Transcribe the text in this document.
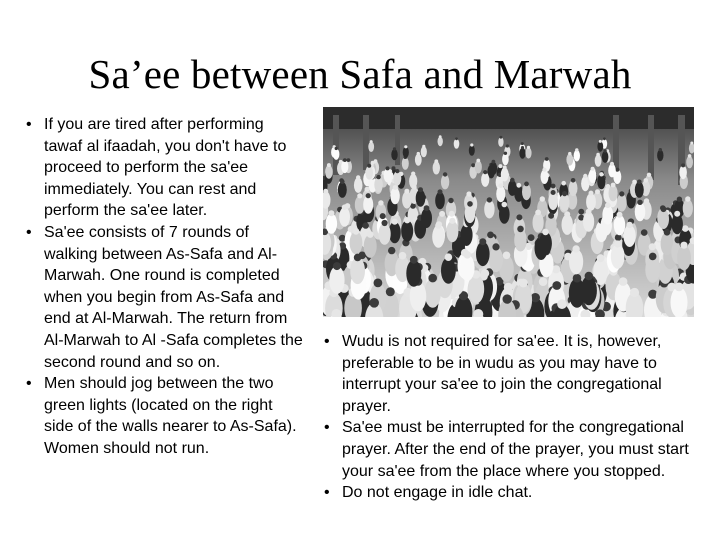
Sa’ee between Safa and Marwah
• If you are tired after performing tawaf al ifaadah, you don't have to proceed to perform the sa'ee immediately. You can rest and perform the sa'ee later.
• Sa'ee consists of 7 rounds of walking between As-Safa and Al-Marwah. One round is completed when you begin from As-Safa and end at Al-Marwah. The return from Al-Marwah to Al -Safa completes the second round and so on.
• Men should jog between the two green lights (located on the right side of the walls nearer to As-Safa). Women should not run.
• Wudu is not required for sa'ee. It is, however, preferable to be in wudu as you may have to interrupt your sa'ee to join the congregational prayer.
• Sa'ee must be interrupted for the congregational prayer. After the end of the prayer, you must start your sa'ee from the place where you stopped.
• Do not engage in idle chat.
